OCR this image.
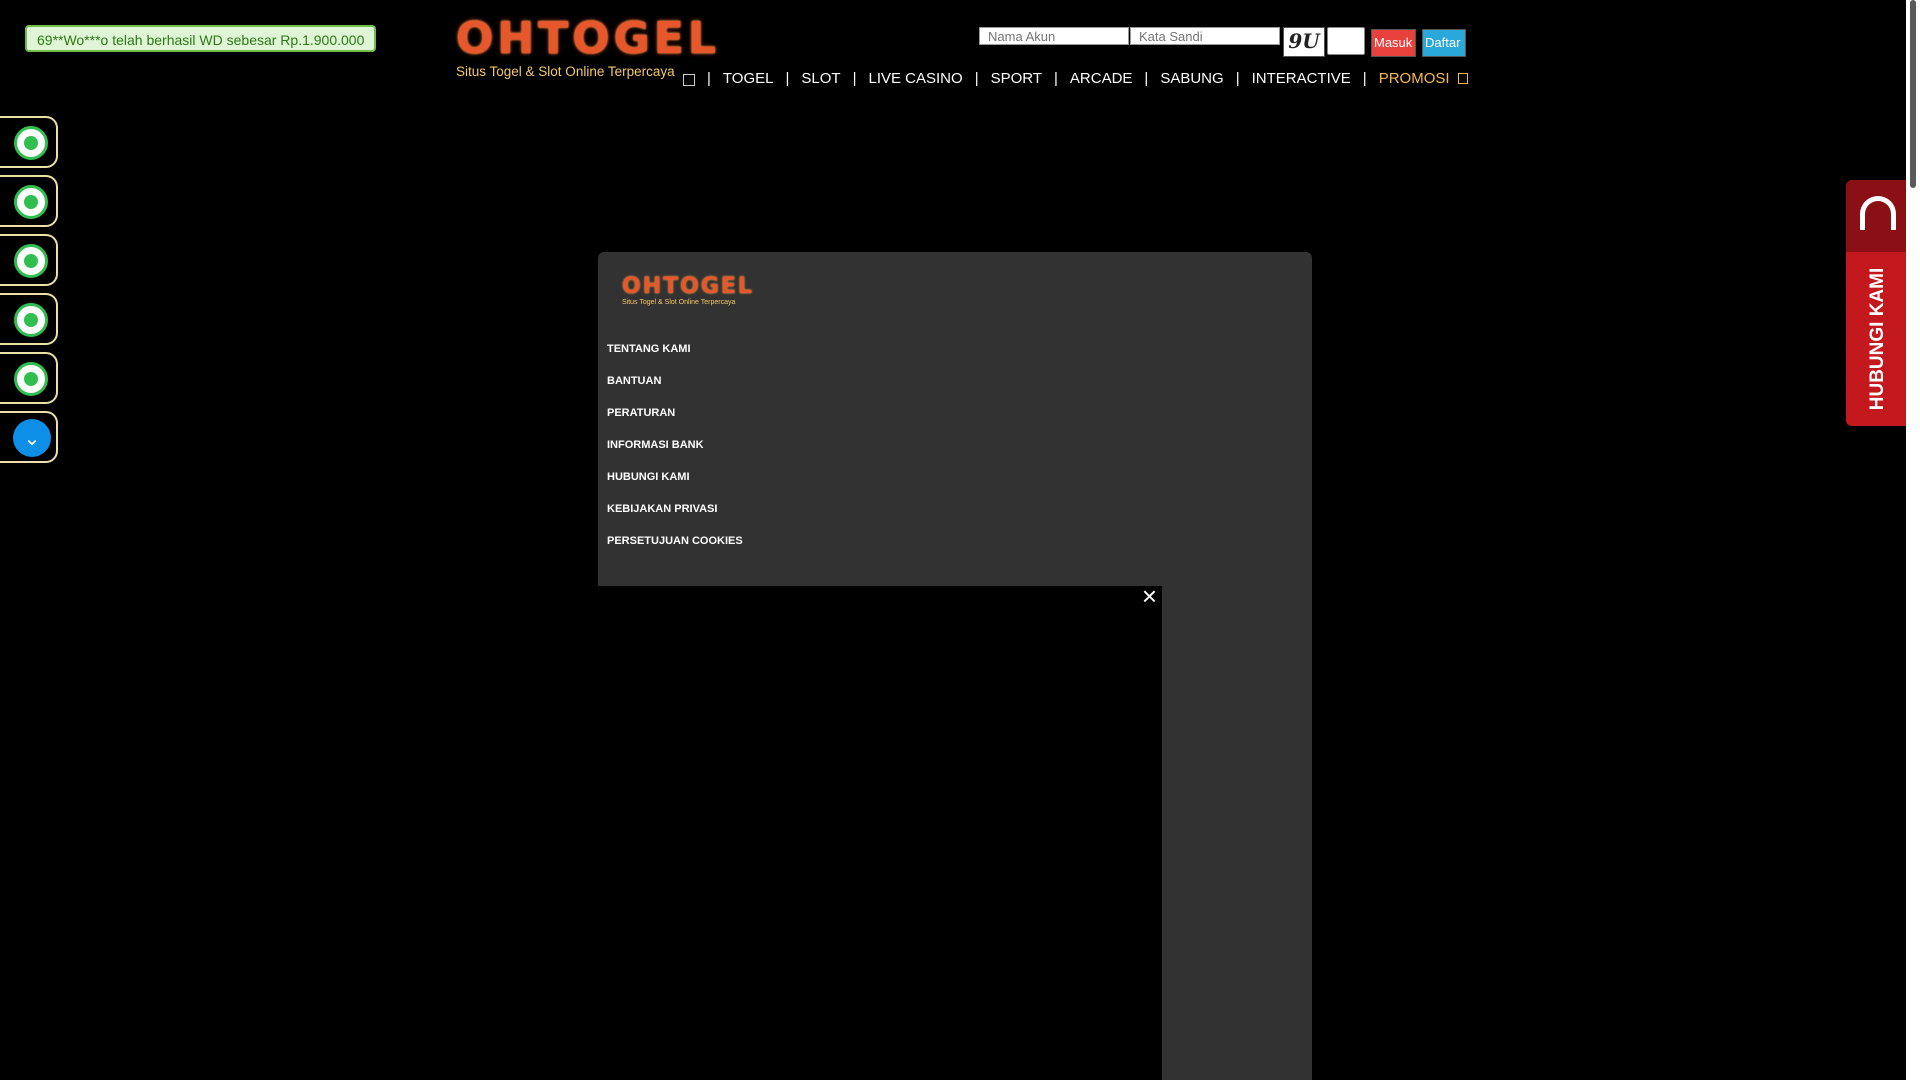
69**Wo***o telah berhasil WD sebesar Rp.1.900.000 OHTOGEL
Situs Togel & Slot Online Terpercaya
Nama Akun
9U	Masuk Daftar
| TOGEL | SLOT | LIVE CASINO | SPORT | ARCADE | SABUNG | INTERACTIVE | PROMOSI
⌄
HUBUNGI KAMI
OHTOGEL
Situs Togel & Slot Online Terpercaya
TENTANG KAMI
BANTUAN
PERATURAN
INFORMASI BANK
HUBUNGI KAMI
KEBIJAKAN PRIVASI
PERSETUJUAN COOKIES
×
